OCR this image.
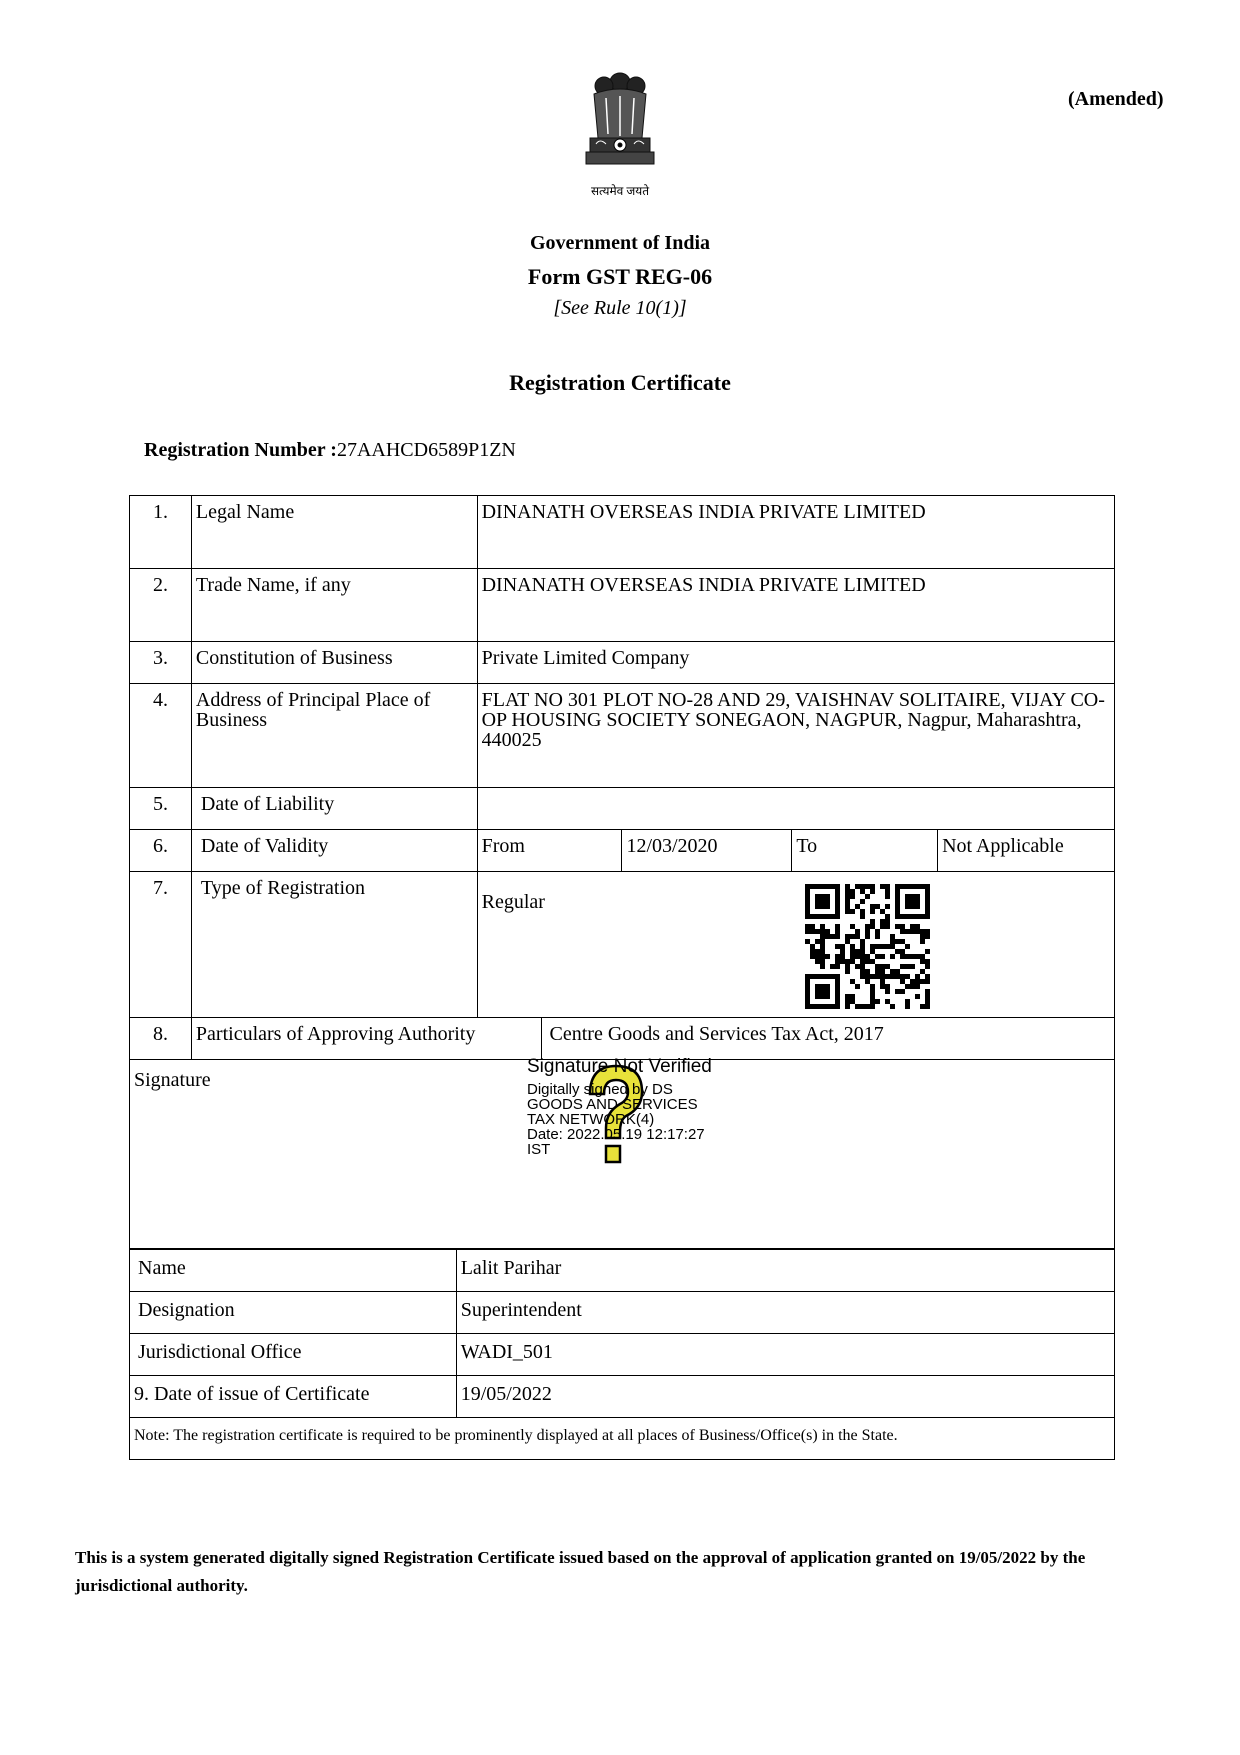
(Amended)
सत्यमेव जयते
Government of India
Form GST REG-06
[See Rule 10(1)]
Registration Certificate
Registration Number :27AAHCD6589P1ZN
1.	Legal Name	DINANATH OVERSEAS INDIA PRIVATE LIMITED				
2.	Trade Name, if any	DINANATH OVERSEAS INDIA PRIVATE LIMITED				
3.	Constitution of Business	Private Limited Company				
4.	Address of Principal Place of Business	FLAT NO 301 PLOT NO-28 AND 29, VAISHNAV SOLITAIRE, VIJAY CO-OP HOUSING SOCIETY SONEGAON, NAGPUR, Nagpur, Maharashtra, 440025				
5.	Date of Liability					
6.	Date of Validity	From		12/03/2020	To	Not Applicable
7.	Type of Registration	Regular				
8.	Particulars of Approving Authority		Centre Goods and Services Tax Act, 2017			
Signature						
Signature Not Verified
Digitally signed by DS
GOODS AND SERVICES
TAX NETWORK(4)
Date: 2022.05.19 12:17:27
IST
Name	Lalit Parihar
Designation	Superintendent
Jurisdictional Office	WADI_501
9. Date of issue of Certificate	19/05/2022
Note: The registration certificate is required to be prominently displayed at all places of Business/Office(s) in the State.	
This is a system generated digitally signed Registration Certificate issued based on the approval of application granted on 19/05/2022 by the jurisdictional authority.
